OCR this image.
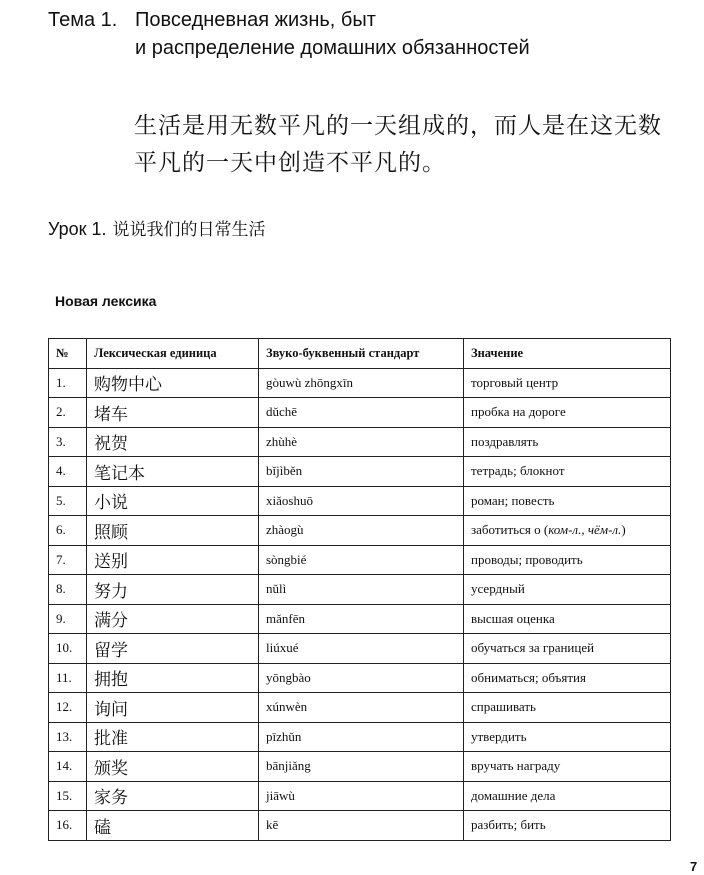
Тема 1. Повседневная жизнь, быт
и распределение домашних обязанностей
生活是用无数平凡的一天组成的，而人是在这无数
平凡的一天中创造不平凡的。
Урок 1. 说说我们的日常生活
Новая лексика
№	Лексическая единица	Звуко-буквенный стандарт	Значение
1.	购物中心	gòuwù zhōngxīn	торговый центр
2.	堵车	dǔchē	пробка на дороге
3.	祝贺	zhùhè	поздравлять
4.	笔记本	bǐjìběn	тетрадь; блокнот
5.	小说	xiǎoshuō	роман; повесть
6.	照顾	zhàogù	заботиться о (ком-л., чём-л.)
7.	送别	sòngbié	проводы; проводить
8.	努力	nǔlì	усердный
9.	满分	mǎnfēn	высшая оценка
10.	留学	liúxué	обучаться за границей
11.	拥抱	yōngbào	обниматься; объятия
12.	询问	xúnwèn	спрашивать
13.	批准	pīzhǔn	утвердить
14.	颁奖	bānjiǎng	вручать награду
15.	家务	jiāwù	домашние дела
16.	磕	kē	разбить; бить
7
